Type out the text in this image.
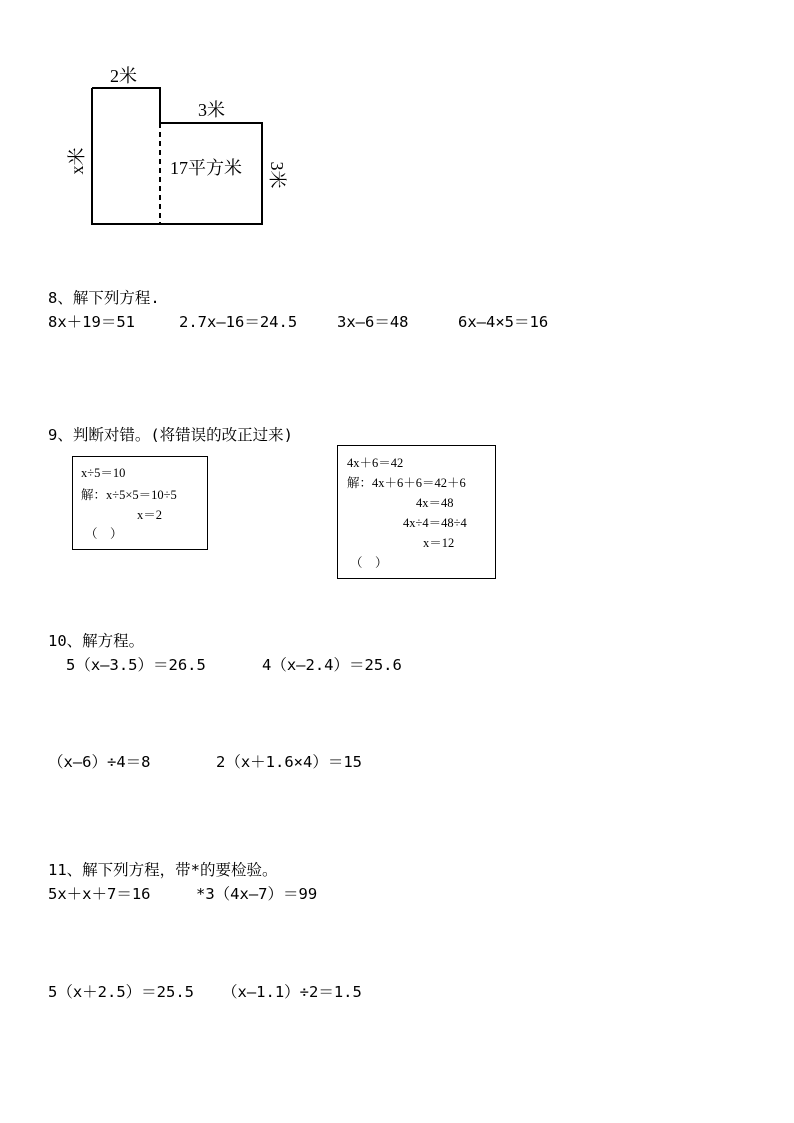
2米
3米
x米	17平方米 3米
8、解下列方程.
8x＋19＝51	2.7x—16＝24.5	3x—6＝48	6x—4×5＝16
9、判断对错。(将错误的改正过来)
x÷5＝10
解：x÷5×5＝10÷5
x＝2
（　）
4x＋6＝42
解：4x＋6＋6＝42＋6
4x＝48
4x÷4＝48÷4
x＝12
（　）
10、解方程。
5（x—3.5）＝26.5	4（x—2.4）＝25.6
（x—6）÷4＝8	2（x＋1.6×4）＝15
11、解下列方程，带*的要检验。
5x＋x＋7＝16	*3（4x—7）＝99
5（x＋2.5）＝25.5 （x—1.1）÷2＝1.5
